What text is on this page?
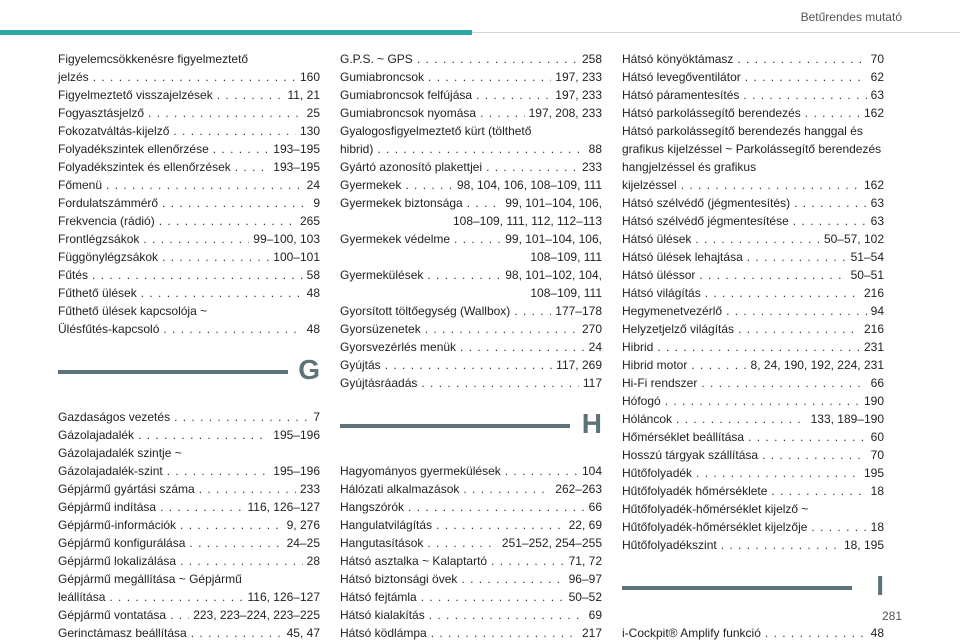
Betűrendes mutató
Figyelemcsökkenésre figyelmeztető
jelzés . . .	160
Figyelmeztető visszajelzések . . .	11, 21
Fogyasztásjelző . . .	25
Fokozatváltás-kijelző . . .	130
Folyadékszintek ellenőrzése . . .	193–195
Folyadékszintek és ellenőrzések . . .	193–195
Főmenü . . .	24
Fordulatszámmérő . . .	9
Frekvencia (rádió) . . .	265
Frontlégzsákok . . .	99–100, 103
Függönylégzsákok . . .	100–101
Fűtés . . .	58
Fűthető ülések . . .	48
Fűthető ülések kapcsolója ~
Ülésfűtés-kapcsoló . . .	48
G
Gazdaságos vezetés . . .	7
Gázolajadalék . . .	195–196
Gázolajadalék szintje ~
Gázolajadalék-szint . . .	195–196
Gépjármű gyártási száma . . .	233
Gépjármű indítása . . .	116, 126–127
Gépjármű-információk . . .	9, 276
Gépjármű konfigurálása . . .	24–25
Gépjármű lokalizálása . . .	28
Gépjármű megállítása ~ Gépjármű
leállítása . . .	116, 126–127
Gépjármű vontatása . . . 223, 223–224, 223–225
Gerinctámasz beállítása . . .	45, 47
G.P.S. ~ GPS . . .	258
Gumiabroncsok . . .	197, 233
Gumiabroncsok felfújása . . .	197, 233
Gumiabroncsok nyomása . . .	197, 208, 233
Gyalogosfigyelmeztető kürt (tölthető
hibrid) . . .	88
Gyártó azonosító plakettjei . . .	233
Gyermekek . . .	98, 104, 106, 108–109, 111
Gyermekek biztonsága . . .	99, 101–104, 106,
108–109, 111, 112, 112–113
Gyermekek védelme . . .	99, 101–104, 106,
108–109, 111
Gyermekülések . . .	98, 101–102, 104,
108–109, 111
Gyorsított töltőegység (Wallbox) . . .	177–178
Gyorsüzenetek . . .	270
Gyorsvezérlés menük . . .	24
Gyújtás . . .	117, 269
Gyújtásráadás . . .	117
H
Hagyományos gyermekülések . . .	104
Hálózati alkalmazások . . .	262–263
Hangszórók . . .	66
Hangulatvilágítás . . .	22, 69
Hangutasítások . . .	251–252, 254–255
Hátsó asztalka ~ Kalaptartó . . .	71, 72
Hátsó biztonsági övek . . .	96–97
Hátsó fejtámla . . .	50–52
Hátsó kialakítás . . .	69
Hátsó ködlámpa . . .	217
Hátsó könyöktámasz . . .	70
Hátsó levegőventilátor . . .	62
Hátsó páramentesítés . . .	63
Hátsó parkolássegítő berendezés . . .	162
Hátsó parkolássegítő berendezés hanggal és grafikus kijelzéssel ~ Parkolássegítő berendezés hangjelzéssel és grafikus
kijelzéssel . . .	162
Hátsó szélvédő (jégmentesítés) . . .	63
Hátsó szélvédő jégmentesítése . . .	63
Hátsó ülések . . .	50–57, 102
Hátsó ülések lehajtása . . .	51–54
Hátsó üléssor . . .	50–51
Hátsó világítás . . .	216
Hegymenetvezérlő . . .	94
Helyzetjelző világítás . . .	216
Hibrid . . .	231
Hibrid motor . . .	8, 24, 190, 192, 224, 231
Hi-Fi rendszer . . .	66
Hófogó . . .	190
Hóláncok . . .	133, 189–190
Hőmérséklet beállítása . . .	60
Hosszú tárgyak szállítása . . .	70
Hűtőfolyadék . . .	195
Hűtőfolyadék hőmérséklete . . .	18
Hűtőfolyadék-hőmérséklet kijelző ~
Hűtőfolyadék-hőmérséklet kijelzője . . .	18
Hűtőfolyadékszint . . .	18, 195
I
i-Cockpit® Amplify funkció . . .	48
281
